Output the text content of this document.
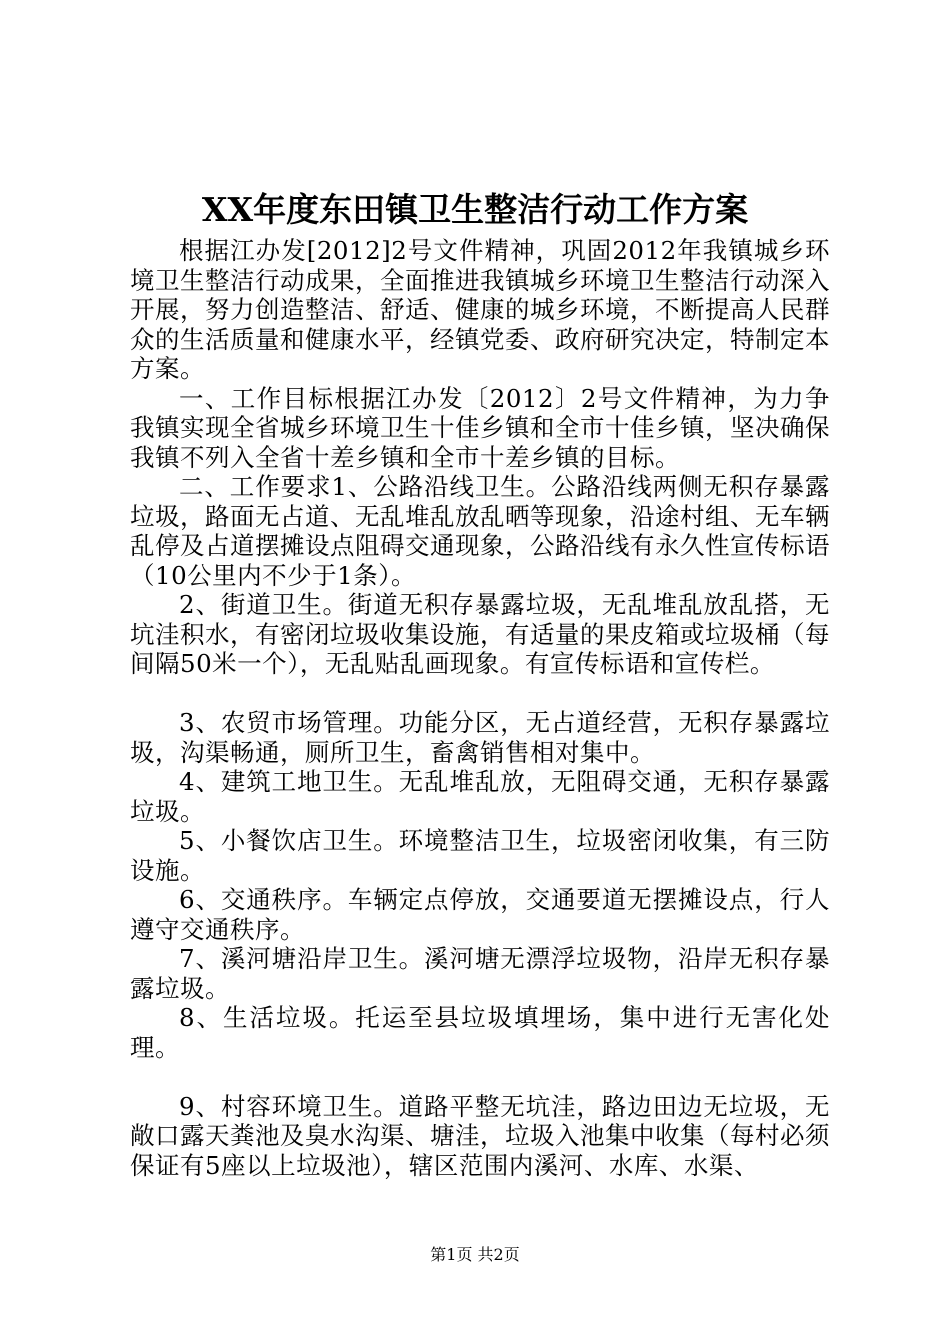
XX年度东田镇卫生整洁行动工作方案

根据江办发[2012]2号文件精神，巩固2012年我镇城乡环境卫生整洁行动成果，全面推进我镇城乡环境卫生整洁行动深入开展，努力创造整洁、舒适、健康的城乡环境，不断提高人民群众的生活质量和健康水平，经镇党委、政府研究决定，特制定本方案。

一、工作目标根据江办发〔2012〕2号文件精神，为力争我镇实现全省城乡环境卫生十佳乡镇和全市十佳乡镇，坚决确保我镇不列入全省十差乡镇和全市十差乡镇的目标。

二、工作要求1、公路沿线卫生。公路沿线两侧无积存暴露垃圾，路面无占道、无乱堆乱放乱晒等现象，沿途村组、无车辆乱停及占道摆摊设点阻碍交通现象，公路沿线有永久性宣传标语（10公里内不少于1条）。

2、街道卫生。街道无积存暴露垃圾，无乱堆乱放乱搭，无坑洼积水，有密闭垃圾收集设施，有适量的果皮箱或垃圾桶（每间隔50米一个），无乱贴乱画现象。有宣传标语和宣传栏。

3、农贸市场管理。功能分区，无占道经营，无积存暴露垃圾，沟渠畅通，厕所卫生，畜禽销售相对集中。

4、建筑工地卫生。无乱堆乱放，无阻碍交通，无积存暴露垃圾。

5、小餐饮店卫生。环境整洁卫生，垃圾密闭收集，有三防设施。

6、交通秩序。车辆定点停放，交通要道无摆摊设点，行人遵守交通秩序。

7、溪河塘沿岸卫生。溪河塘无漂浮垃圾物，沿岸无积存暴露垃圾。

8、生活垃圾。托运至县垃圾填埋场，集中进行无害化处理。

9、村容环境卫生。道路平整无坑洼，路边田边无垃圾，无敞口露天粪池及臭水沟渠、塘洼，垃圾入池集中收集（每村必须保证有5座以上垃圾池），辖区范围内溪河、水库、水渠、

第1页 共2页
